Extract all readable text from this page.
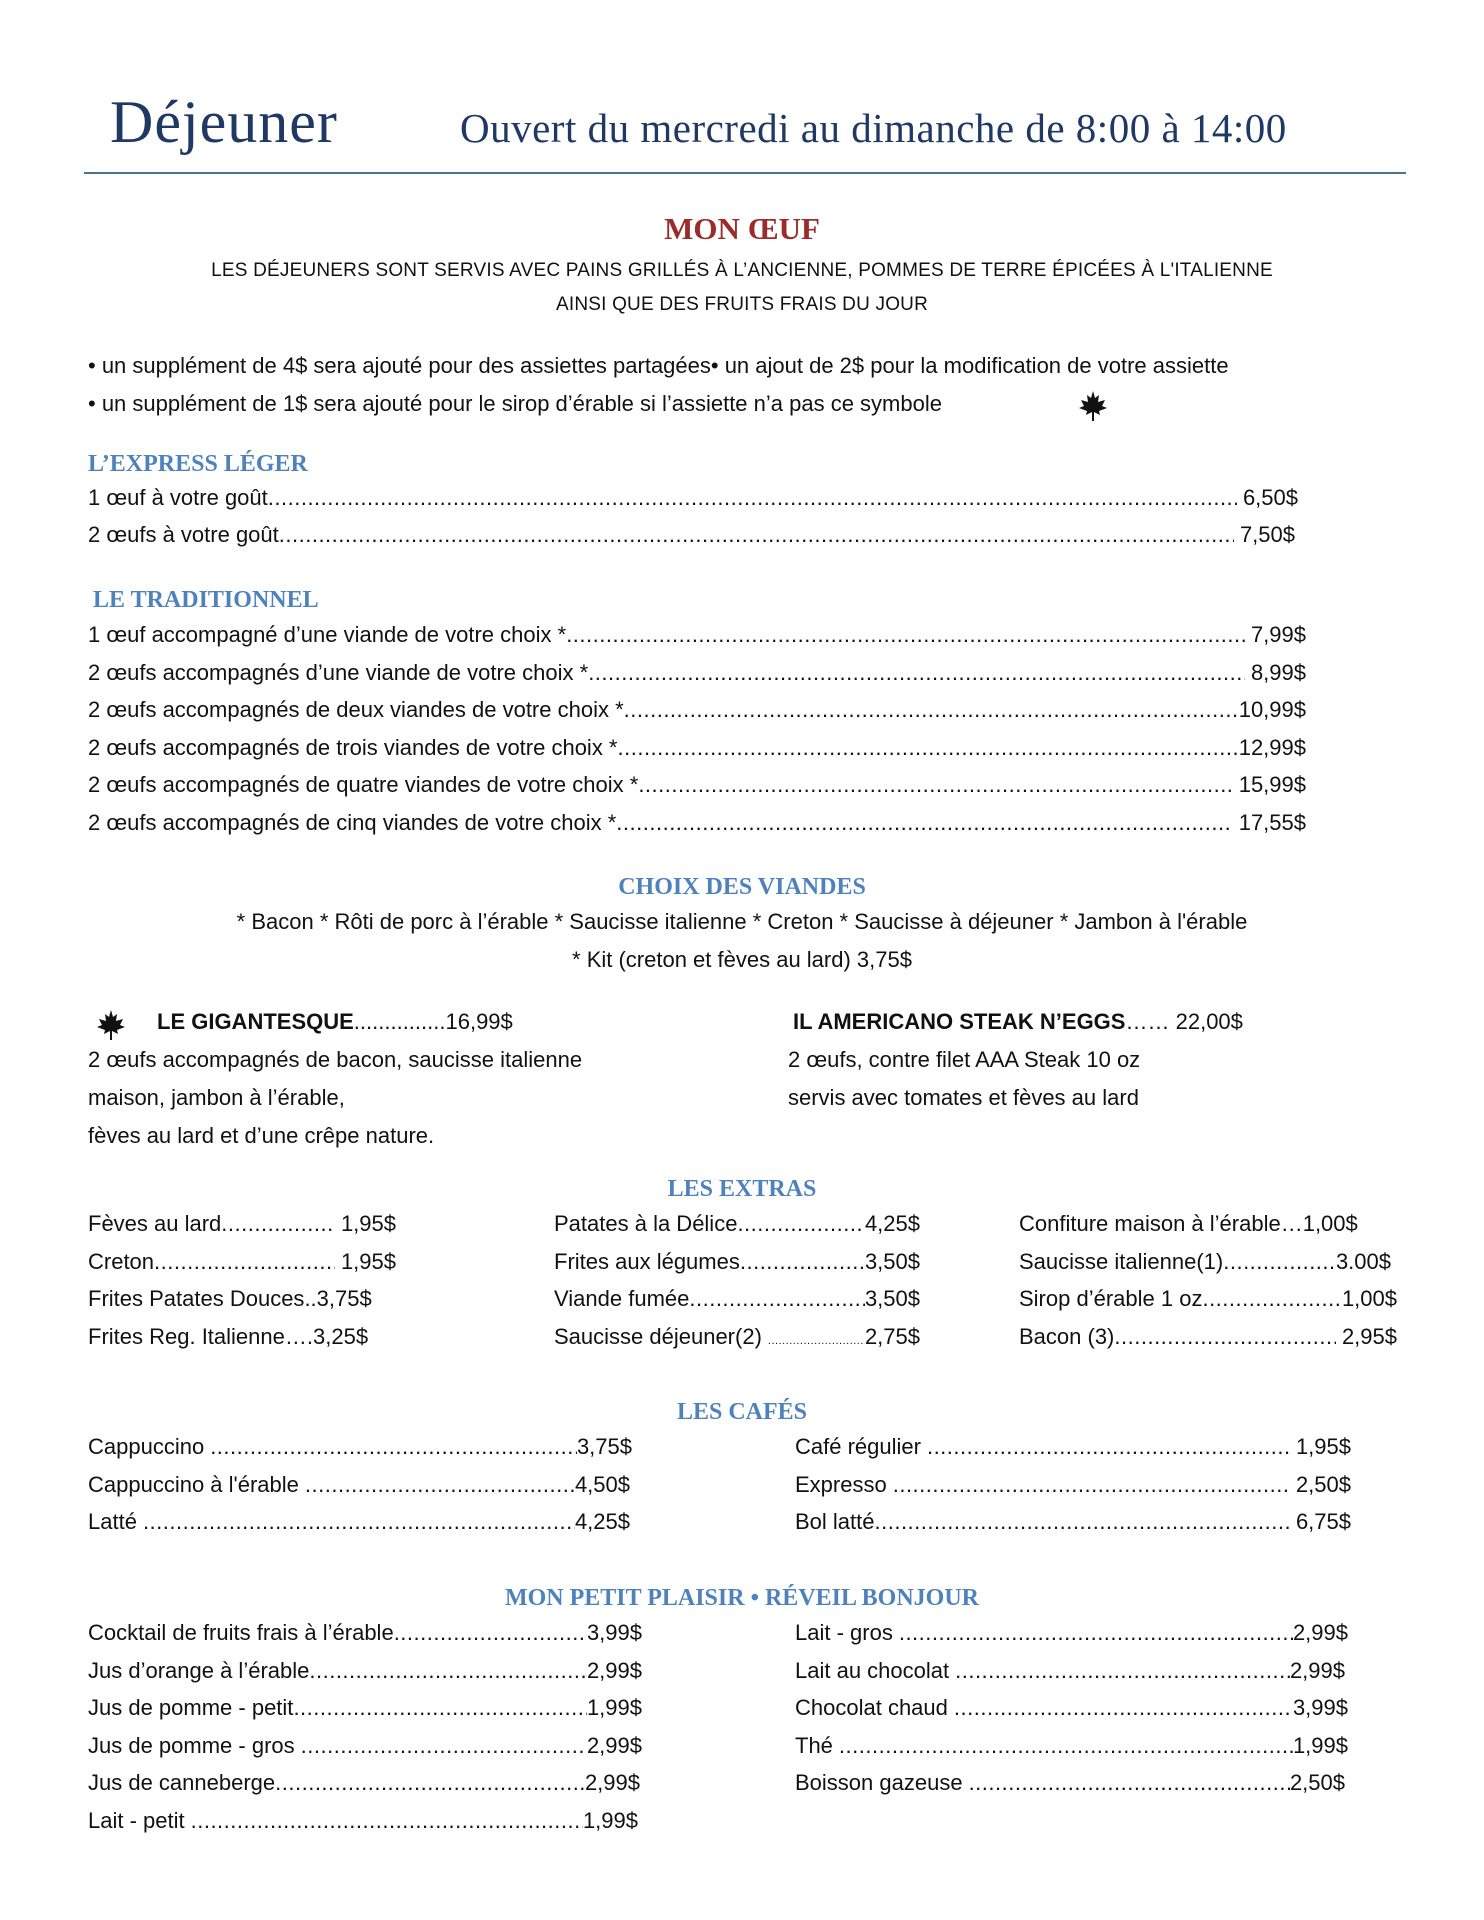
Déjeuner	Ouvert du mercredi au dimanche de 8:00 à 14:00
MON ŒUF
LES DÉJEUNERS SONT SERVIS AVEC PAINS GRILLÉS À L’ANCIENNE, POMMES DE TERRE ÉPICÉES À L'ITALIENNE
AINSI QUE DES FRUITS FRAIS DU JOUR
• un supplément de 4$ sera ajouté pour des assiettes partagées• un ajout de 2$ pour la modification de votre assiette
• un supplément de 1$ sera ajouté pour le sirop d’érable si l’assiette n’a pas ce symbole
L’EXPRESS LÉGER
1 œuf à votre goût .....	6,50$
2 œufs à votre goût .....	7,50$
LE TRADITIONNEL
1 œuf accompagné d’une viande de votre choix * .....	7,99$
2 œufs accompagnés d’une viande de votre choix * .....	8,99$
2 œufs accompagnés de deux viandes de votre choix * .....	10,99$
2 œufs accompagnés de trois viandes de votre choix * .....	12,99$
2 œufs accompagnés de quatre viandes de votre choix * .....	15,99$
2 œufs accompagnés de cinq viandes de votre choix * .....	17,55$
CHOIX DES VIANDES
* Bacon * Rôti de porc à l’érable * Saucisse italienne * Creton * Saucisse à déjeuner * Jambon à l'érable
* Kit (creton et fèves au lard) 3,75$
LE GIGANTESQUE...............16,99$
2 œufs accompagnés de bacon, saucisse italienne
maison, jambon à l’érable,
fèves au lard et d’une crêpe nature.
IL AMERICANO STEAK N’EGGS…… 22,00$
2 œufs, contre filet AAA Steak 10 oz
servis avec tomates et fèves au lard
LES EXTRAS
Fèves au lard .....	1,95$
Creton .....	1,95$
Frites Patates Douces .. 3,75$
Frites Reg. Italienne …. 3,25$
Patates à la Délice .....	4,25$
Frites aux légumes .....	3,50$
Viande fumée .....	3,50$
Saucisse déjeuner(2) .....	2,75$
Confiture maison à l’érable … 1,00$
Saucisse italienne(1) .....	3.00$
Sirop d’érable 1 oz .....	1,00$
Bacon (3) .....	2,95$
LES CAFÉS
Cappuccino .....	3,75$
Cappuccino à l'érable .....	4,50$
Latté .....	4,25$
Café régulier .....	1,95$
Expresso .....	2,50$
Bol latté .....	6,75$
MON PETIT PLAISIR • RÉVEIL BONJOUR
Cocktail de fruits frais à l’érable .....	3,99$
Jus d’orange à l’érable .....	2,99$
Jus de pomme - petit .....	1,99$
Jus de pomme - gros .....	2,99$
Jus de canneberge .....	2,99$
Lait - petit .....	1,99$
Lait - gros .....	2,99$
Lait au chocolat .....	2,99$
Chocolat chaud .....	3,99$
Thé .....	1,99$
Boisson gazeuse .....	2,50$
